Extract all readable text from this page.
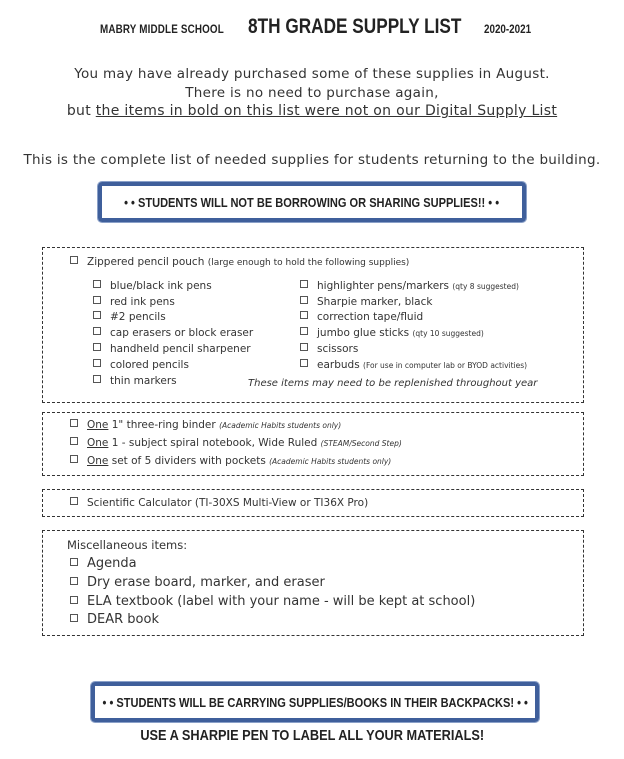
MABRY MIDDLE SCHOOL 8TH GRADE SUPPLY LIST 2020-2021
You may have already purchased some of these supplies in August.
There is no need to purchase again,
but the items in bold on this list were not on our Digital Supply List
This is the complete list of needed supplies for students returning to the building.
• • STUDENTS WILL NOT BE BORROWING OR SHARING SUPPLIES!! • •
Zippered pencil pouch (large enough to hold the following supplies)
blue/black ink pens
red ink pens
#2 pencils
cap erasers or block eraser
handheld pencil sharpener
colored pencils
thin markers
highlighter pens/markers (qty 8 suggested)
Sharpie marker, black
correction tape/fluid
jumbo glue sticks (qty 10 suggested)
scissors
earbuds (For use in computer lab or BYOD activities)
These items may need to be replenished throughout year
One 1" three-ring binder (Academic Habits students only)
One 1 - subject spiral notebook, Wide Ruled (STEAM/Second Step)
One set of 5 dividers with pockets (Academic Habits students only)
Scientific Calculator (TI-30XS Multi-View or TI36X Pro)
Miscellaneous items:
Agenda
Dry erase board, marker, and eraser
ELA textbook (label with your name - will be kept at school)
DEAR book
• • STUDENTS WILL BE CARRYING SUPPLIES/BOOKS IN THEIR BACKPACKS! • •
USE A SHARPIE PEN TO LABEL ALL YOUR MATERIALS!
